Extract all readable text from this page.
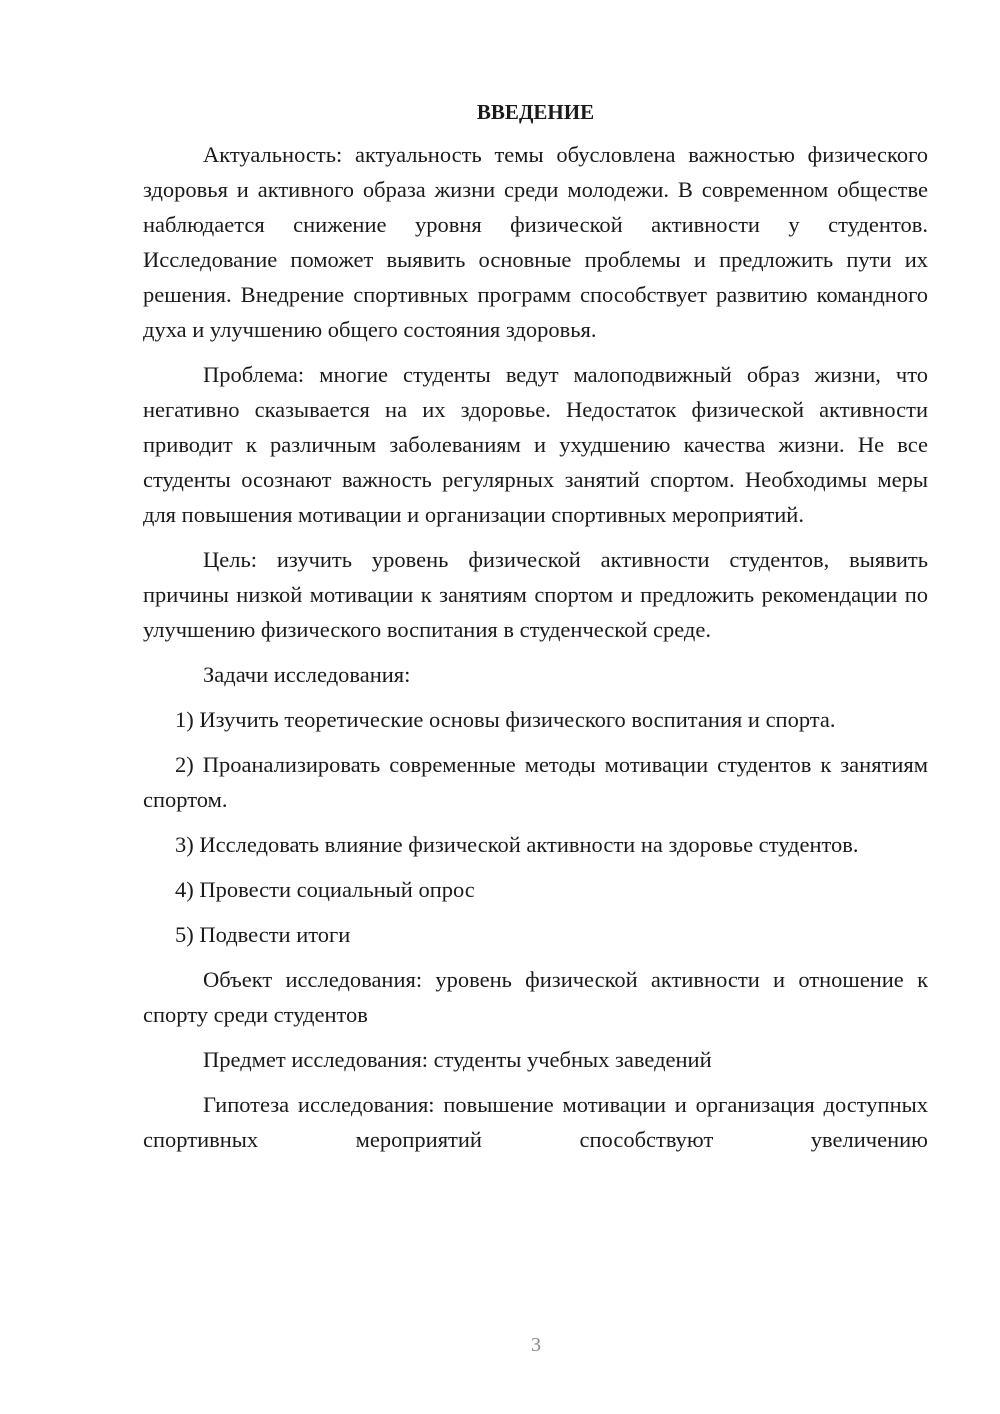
ВВЕДЕНИЕ

Актуальность: актуальность темы обусловлена важностью физического здоровья и активного образа жизни среди молодежи. В современном обществе наблюдается снижение уровня физической активности у студентов. Исследование поможет выявить основные проблемы и предложить пути их решения. Внедрение спортивных программ способствует развитию командного духа и улучшению общего состояния здоровья.

Проблема: многие студенты ведут малоподвижный образ жизни, что негативно сказывается на их здоровье. Недостаток физической активности приводит к различным заболеваниям и ухудшению качества жизни. Не все студенты осознают важность регулярных занятий спортом. Необходимы меры для повышения мотивации и организации спортивных мероприятий.

Цель: изучить уровень физической активности студентов, выявить причины низкой мотивации к занятиям спортом и предложить рекомендации по улучшению физического воспитания в студенческой среде.

Задачи исследования:

1) Изучить теоретические основы физического воспитания и спорта.

2) Проанализировать современные методы мотивации студентов к занятиям спортом.

3) Исследовать влияние физической активности на здоровье студентов.

4) Провести социальный опрос

5) Подвести итоги

Объект исследования: уровень физической активности и отношение к спорту среди студентов

Предмет исследования: студенты учебных заведений

Гипотеза исследования: повышение мотивации и организация доступных спортивных мероприятий способствуют увеличению

3
